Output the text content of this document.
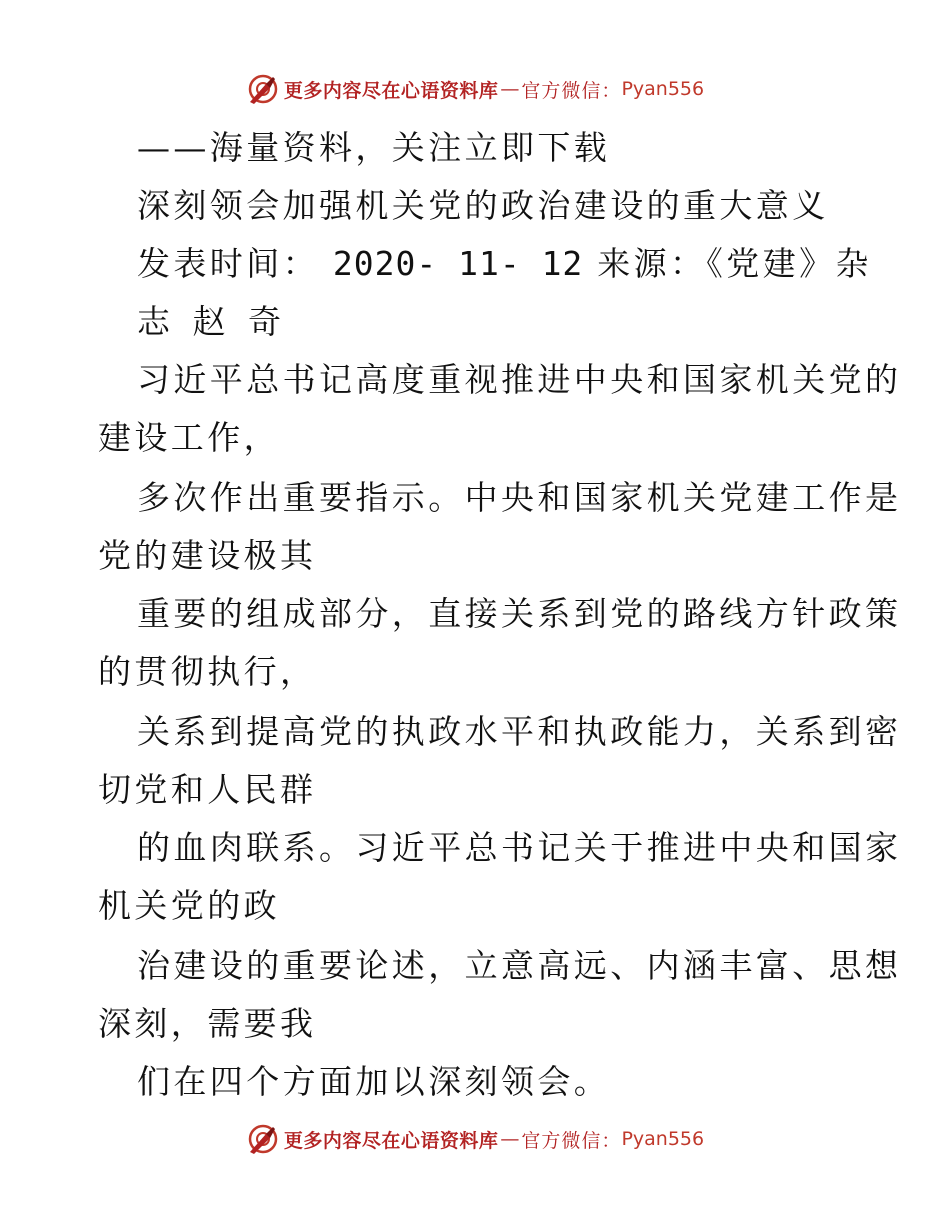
更多内容尽在心语资料库 — 官方微信： Pyan556
——海量资料，关注立即下载
深刻领会加强机关党的政治建设的重大意义
发表时间： 2020- 11- 12 来源：《党建》杂
志 赵 奇
习近平总书记高度重视推进中央和国家机关党的
建设工作，
多次作出重要指示。中央和国家机关党建工作是
党的建设极其
重要的组成部分，直接关系到党的路线方针政策
的贯彻执行，
关系到提高党的执政水平和执政能力，关系到密
切党和人民群
的血肉联系。习近平总书记关于推进中央和国家
机关党的政
治建设的重要论述，立意高远、内涵丰富、思想
深刻，需要我
们在四个方面加以深刻领会。
更多内容尽在心语资料库 — 官方微信： Pyan556
